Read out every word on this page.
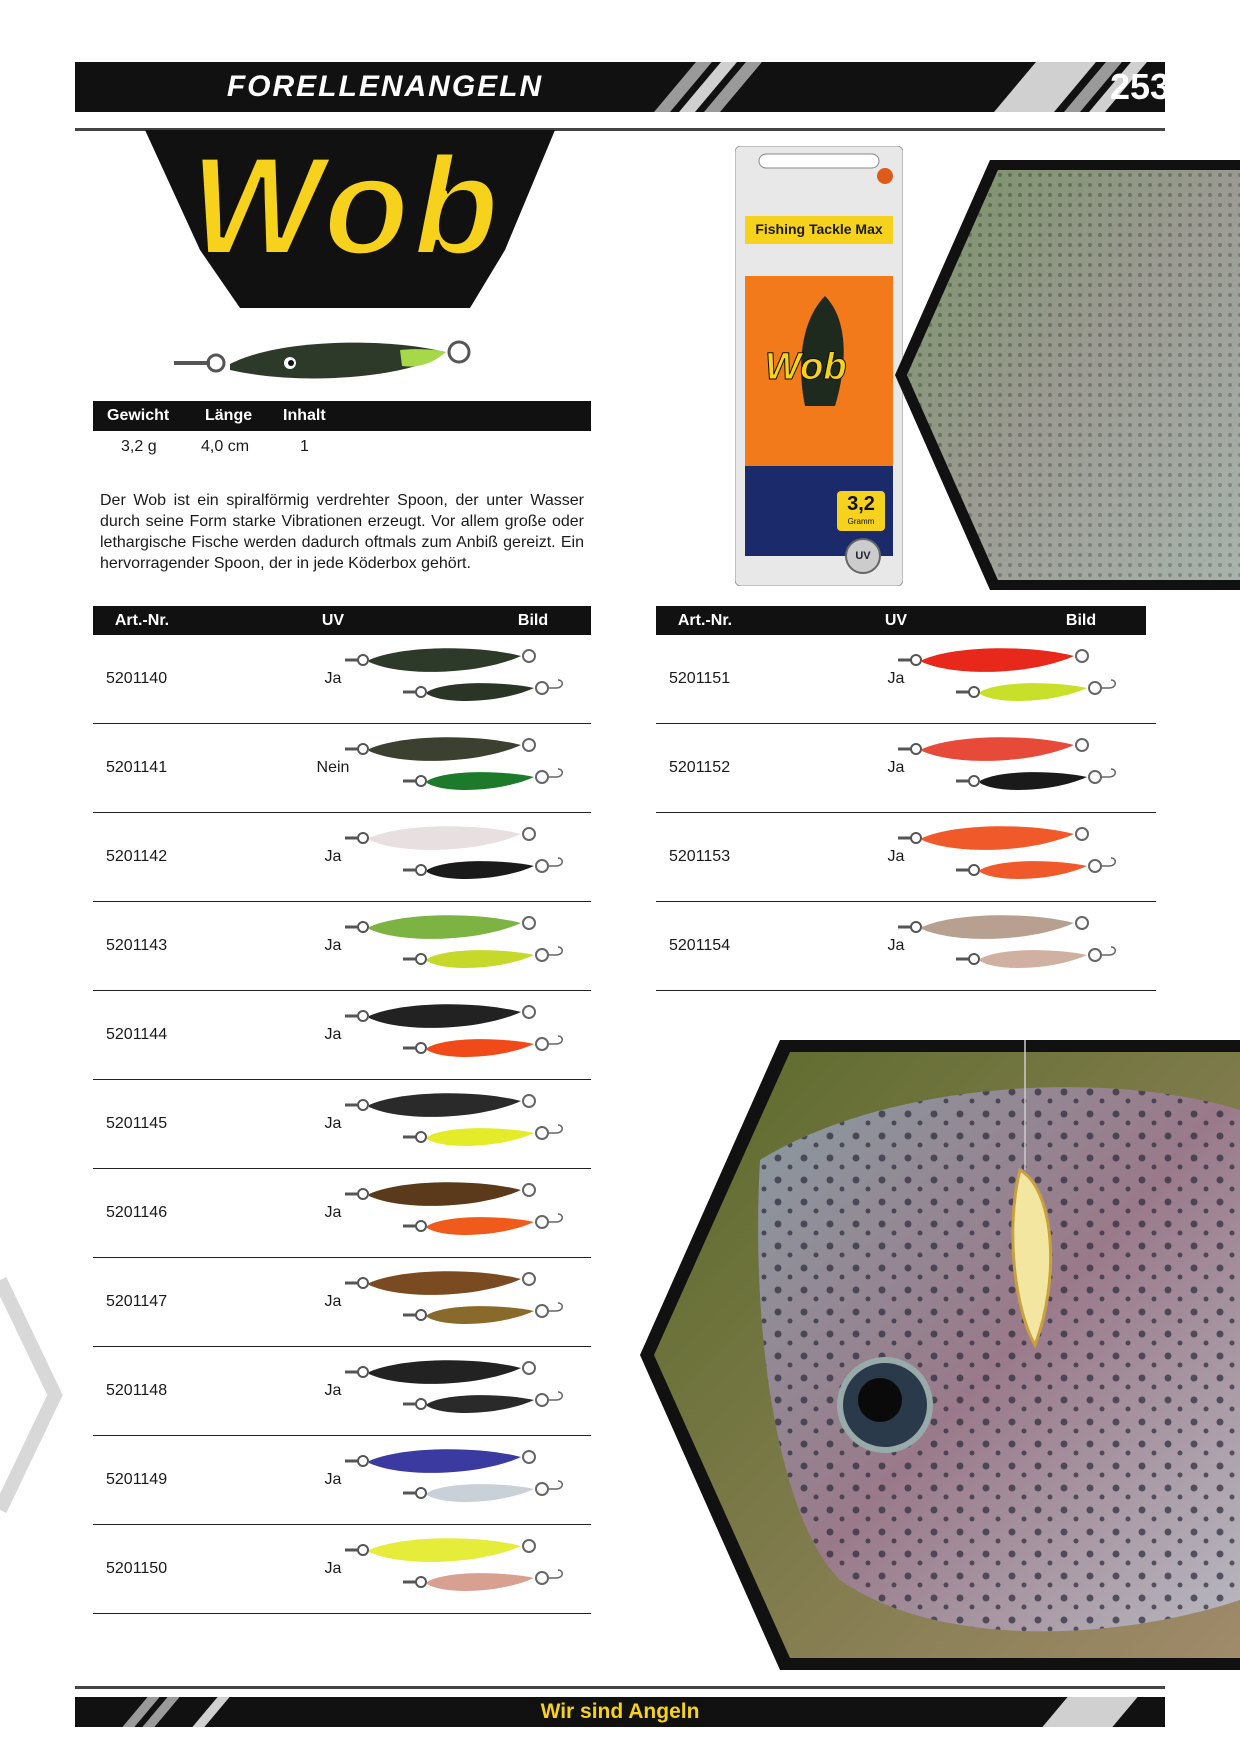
FORELLENANGELN	253
Wob
Gewicht Länge Inhalt
3,2 g	4,0 cm	1
Der Wob ist ein spiralförmig verdrehter Spoon, der unter Wasser durch seine Form starke Vibrationen erzeugt. Vor allem große oder lethargische Fische werden dadurch oftmals zum Anbiß gereizt. Ein hervorragender Spoon, der in jede Köderbox gehört.
Fishing Tackle Max
Wob
3,2
Gramm
UV
Art.-Nr.	UV	Bild
5201140	Ja
5201141	Nein
5201142	Ja
5201143	Ja
5201144	Ja
5201145	Ja
5201146	Ja
5201147	Ja
5201148	Ja
5201149	Ja
5201150	Ja
Art.-Nr.	UV	Bild
5201151	Ja
5201152	Ja
5201153	Ja
5201154	Ja
Wir sind Angeln
